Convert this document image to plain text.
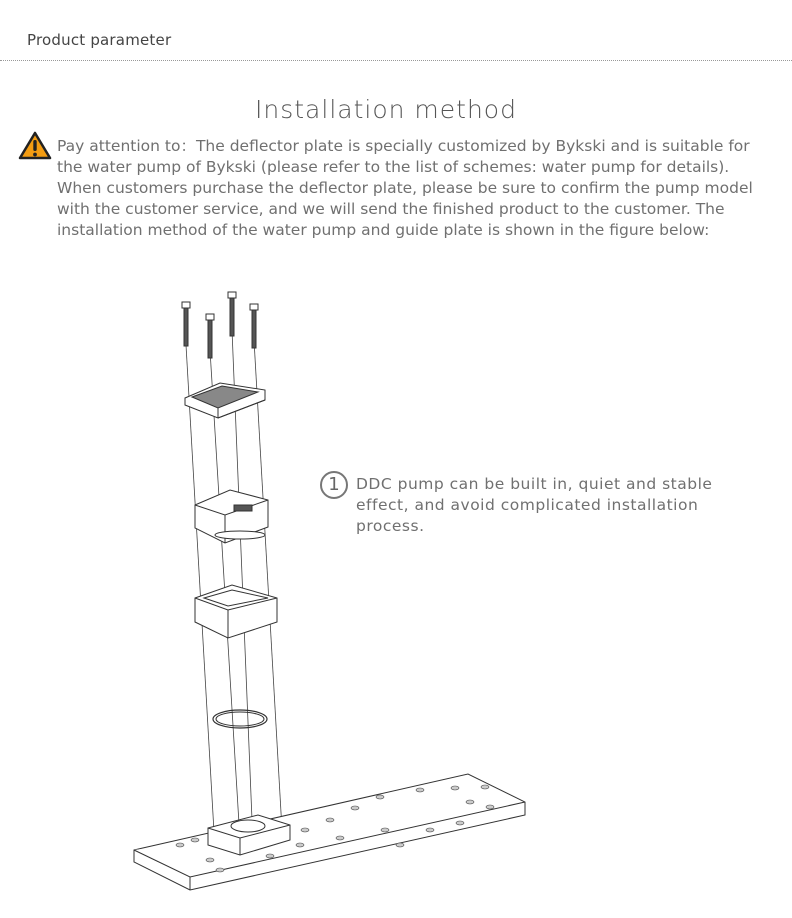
Product parameter
Installation method
Pay attention to：The deflector plate is specially customized by Bykski and is suitable for the water pump of Bykski (please refer to the list of schemes: water pump for details). When customers purchase the deflector plate, please be sure to confirm the pump model with the customer service, and we will send the finished product to the customer. The installation method of the water pump and guide plate is shown in the figure below:
1	DDC pump can be built in, quiet and stable effect, and avoid complicated installation process.
